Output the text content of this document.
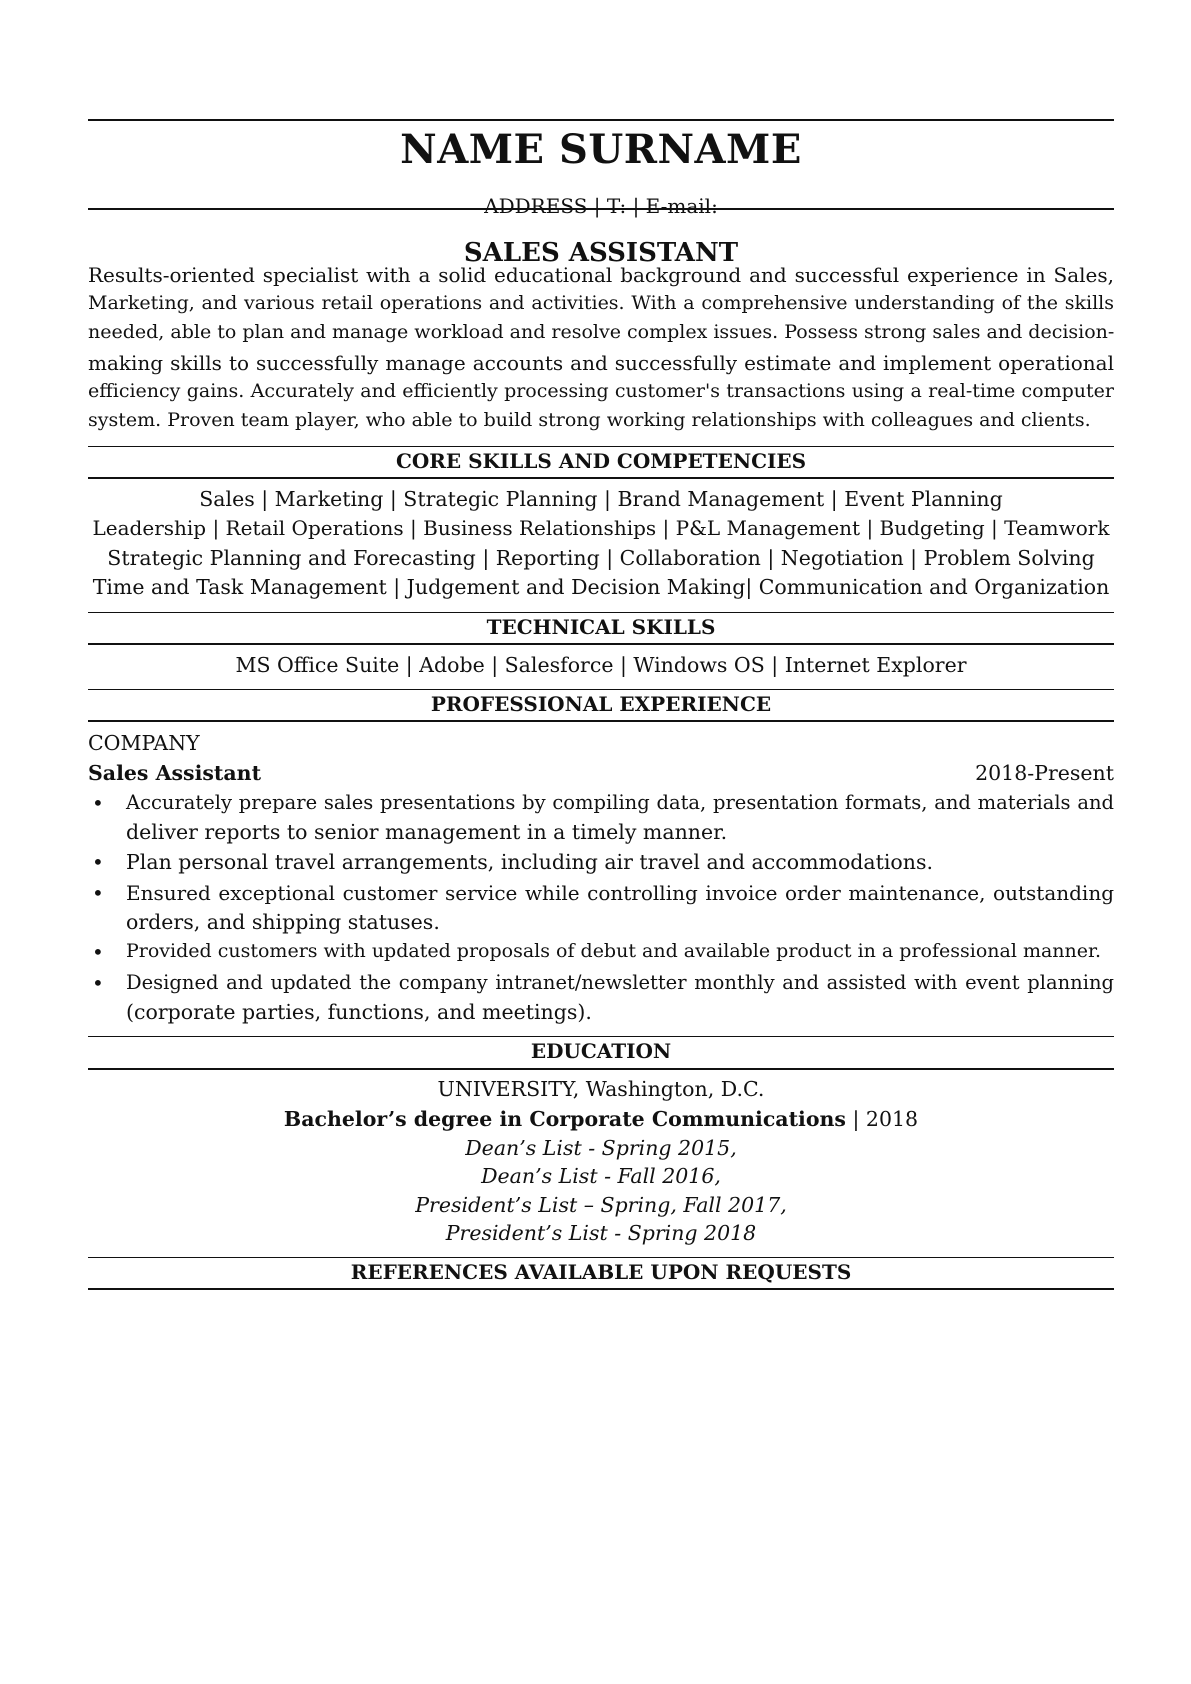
NAME SURNAME
ADDRESS | T: | E-mail:
SALES ASSISTANT
Results-oriented specialist with a solid educational background and successful experience in Sales,
Marketing, and various retail operations and activities. With a comprehensive understanding of the skills
needed, able to plan and manage workload and resolve complex issues. Possess strong sales and decision-
making skills to successfully manage accounts and successfully estimate and implement operational
efficiency gains. Accurately and efficiently processing customer's transactions using a real-time computer
system. Proven team player, who able to build strong working relationships with colleagues and clients.
CORE SKILLS AND COMPETENCIES
Sales | Marketing | Strategic Planning | Brand Management | Event Planning
Leadership | Retail Operations | Business Relationships | P&L Management | Budgeting | Teamwork
Strategic Planning and Forecasting | Reporting | Collaboration | Negotiation | Problem Solving
Time and Task Management | Judgement and Decision Making| Communication and Organization
TECHNICAL SKILLS
MS Office Suite | Adobe | Salesforce | Windows OS | Internet Explorer
PROFESSIONAL EXPERIENCE
COMPANY
Sales Assistant	2018-Present
• Accurately prepare sales presentations by compiling data, presentation formats, and materials and
deliver reports to senior management in a timely manner.
• Plan personal travel arrangements, including air travel and accommodations.
• Ensured exceptional customer service while controlling invoice order maintenance, outstanding
orders, and shipping statuses.
• Provided customers with updated proposals of debut and available product in a professional manner.
• Designed and updated the company intranet/newsletter monthly and assisted with event planning
(corporate parties, functions, and meetings).
EDUCATION
UNIVERSITY, Washington, D.C.
Bachelor’s degree in Corporate Communications | 2018
Dean’s List - Spring 2015,
Dean’s List - Fall 2016,
President’s List – Spring, Fall 2017,
President’s List - Spring 2018
REFERENCES AVAILABLE UPON REQUESTS
